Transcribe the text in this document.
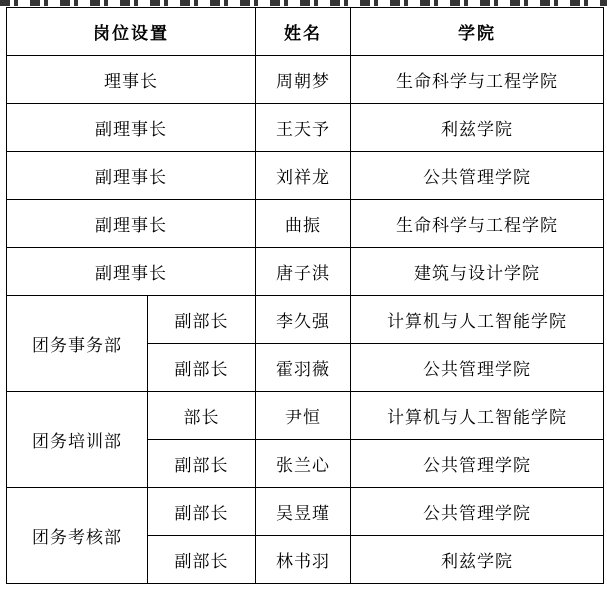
岗位设置		姓名	学院
理事长		周朝梦	生命科学与工程学院
副理事长		王天予	利兹学院
副理事长		刘祥龙	公共管理学院
副理事长		曲振	生命科学与工程学院
副理事长		唐子淇	建筑与设计学院
团务事务部	副部长	李久强	计算机与人工智能学院
	副部长	霍羽薇	公共管理学院
团务培训部	部长	尹恒	计算机与人工智能学院
	副部长	张兰心	公共管理学院
团务考核部	副部长	吴昱瑾	公共管理学院
	副部长	林书羽	利兹学院
